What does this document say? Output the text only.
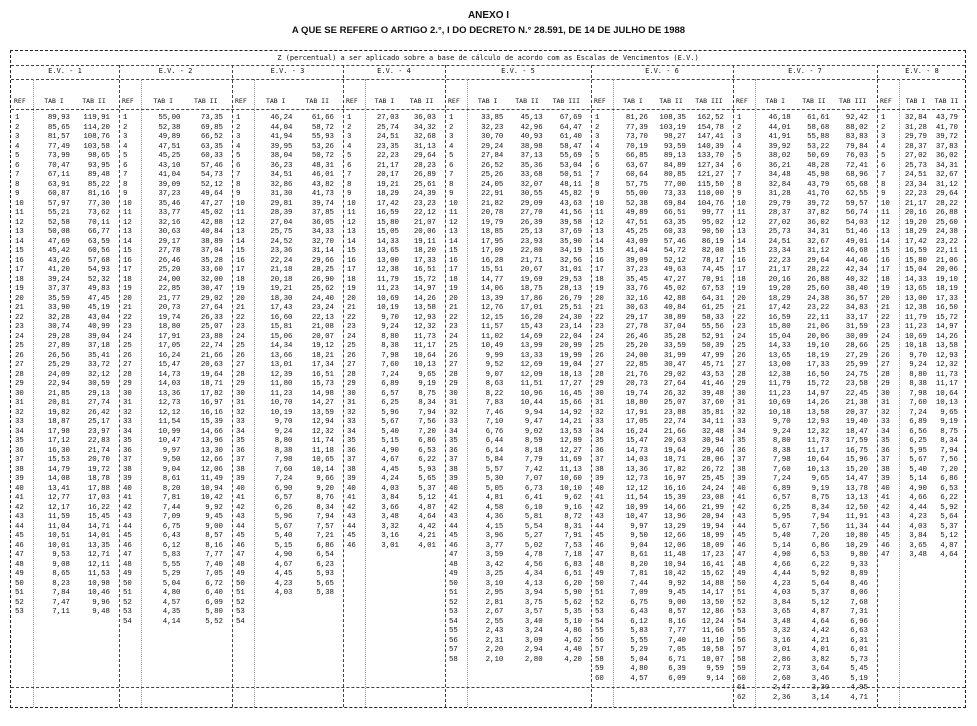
ANEXO I
A QUE SE REFERE O ARTIGO 2.°, I DO DECRETO N.° 28.591, DE 14 DE JULHO DE 1988
Z (percentual) a ser aplicado sobre a base de cálculo de acordo com as Escalas de Vencimentos (E.V.)
E.V. - 1
REF
1
2
3
4
5
6
7
8
9
10
11
12
13
14
15
16
17
18
19
20
21
22
23
24
25
26
27
28
29
30
31
32
33
34
35
36
37
38
39
40
41
42
43
44
45
46
47
48
49
50
51
52
53
TAB I
89,93
85,65
81,57
77,49
73,99
70,47
67,11
63,91
60,87
57,97
55,21
52,58
50,08
47,69
45,42
43,26
41,20
39,24
37,37
35,59
33,90
32,28
30,74
29,28
27,89
26,56
25,29
24,09
22,94
21,85
20,81
19,82
18,87
17,98
17,12
16,30
15,53
14,79
14,08
13,41
12,77
12,17
11,59
11,04
10,51
10,01
9,53
9,08
8,65
8,23
7,84
7,47
7,11
TAB II
119,91
114,20
108,76
103,58
98,65
93,95
89,48
85,22
81,16
77,30
73,62
70,11
66,77
63,59
60,56
57,68
54,93
52,32
49,83
47,45
45,19
43,04
40,99
39,04
37,18
35,41
33,72
32,12
30,59
29,13
27,74
26,42
25,17
23,97
22,83
21,74
20,70
19,72
18,78
17,88
17,03
16,22
15,45
14,71
14,01
13,35
12,71
12,11
11,53
10,98
10,46
9,96
9,48
E.V. - 2
REF
1
2
3
4
5
6
7
8
9
10
11
12
13
14
15
16
17
18
19
20
21
22
23
24
25
26
27
28
29
30
31
32
33
34
35
36
37
38
39
40
41
42
43
44
45
46
47
48
49
50
51
52
53
54
TAB I
55,00
52,38
49,89
47,51
45,25
43,10
41,04
39,09
37,23
35,46
33,77
32,16
30,63
29,17
27,78
26,46
25,20
24,00
22,85
21,77
20,73
19,74
18,80
17,91
17,05
16,24
15,47
14,73
14,03
13,36
12,73
12,12
11,54
10,99
10,47
9,97
9,50
9,04
8,61
8,20
7,81
7,44
7,09
6,75
6,43
6,12
5,83
5,55
5,29
5,04
4,80
4,57
4,35
4,14
TAB II
73,35
69,85
66,52
63,35
60,33
57,46
54,73
52,12
49,64
47,27
45,02
42,88
40,84
38,89
37,04
35,28
33,60
32,00
30,47
29,02
27,64
26,33
25,07
23,88
22,74
21,66
20,63
19,64
18,71
17,82
16,97
16,16
15,39
14,66
13,96
13,30
12,66
12,06
11,49
10,94
10,42
9,92
9,45
9,00
8,57
8,16
7,77
7,40
7,05
6,72
6,40
6,09
5,80
5,52
E.V. - 3
REF
1
2
3
4
5
6
7
8
9
10
11
12
13
14
15
16
17
18
19
20
21
22
23
24
25
26
27
28
29
30
31
32
33
34
35
36
37
38
39
40
41
42
43
44
45
46
47
48
49
50
51
52
53
54
TAB I
46,24
44,04
41,94
39,95
38,04
36,23
34,51
32,86
31,30
29,81
28,39
27,04
25,75
24,52
23,36
22,24
21,18
20,18
19,21
18,30
17,43
16,60
15,81
15,06
14,34
13,66
13,01
12,39
11,80
11,23
10,70
10,19
9,70
9,24
8,80
8,38
7,98
7,60
7,24
6,90
6,57
6,26
5,96
5,67
5,40
5,15
4,90
4,67
4,45
4,23
4,03

TAB II
61,66
58,72
55,93
53,26
50,72
48,31
46,01
43,82
41,73
39,74
37,85
36,05
34,33
32,70
31,14
29,66
28,25
26,90
25,62
24,40
23,24
22,13
21,08
20,07
19,12
18,21
17,34
16,51
15,73
14,98
14,27
13,59
12,94
12,32
11,74
11,18
10,65
10,14
9,66
9,20
8,76
8,34
7,94
7,57
7,21
6,86
6,54
6,23
5,93
5,65
5,38

E.V. - 4
REF
1
2
3
4
5
6
7
8
9
10
11
12
13
14
15
16
17
18
19
20
21
22
23
24
25
26
27
28
29
30
31
32
33
34
35
36
37
38
39
40
41
42
43
44
45
46
TAB I
27,03
25,74
24,51
23,35
22,23
21,17
20,17
19,21
18,29
17,42
16,59
15,80
15,05
14,33
13,65
13,00
12,38
11,79
11,23
10,69
10,19
9,70
9,24
8,80
8,38
7,98
7,60
7,24
6,89
6,57
6,25
5,96
5,67
5,40
5,15
4,90
4,67
4,45
4,24
4,03
3,84
3,66
3,48
3,32
3,16
3,01
TAB II
36,03
34,32
32,68
31,13
29,64
28,23
26,89
25,61
24,39
23,23
22,12
21,07
20,06
19,11
18,20
17,33
16,51
15,72
14,97
14,26
13,58
12,93
12,32
11,73
11,17
10,64
10,13
9,65
9,19
8,75
8,34
7,94
7,56
7,20
6,86
6,53
6,22
5,93
5,65
5,37
5,12
4,87
4,64
4,42
4,21
4,01
E.V. - 5
REF
1
2
3
4
5
6
7
8
9
10
11
12
13
14
15
16
17
18
19
20
21
22
23
24
25
26
27
28
29
30
31
32
33
34
35
36
37
38
39
40
41
42
43
44
45
46
47
48
49
50
51
52
53
54
55
56
57
58
TAB I
33,85
32,23
30,70
29,24
27,84
26,52
25,26
24,05
22,91
21,82
20,78
19,79
18,85
17,95
17,09
16,28
15,51
14,77
14,06
13,39
12,76
12,15
11,57
11,02
10,49
9,99
9,52
9,07
8,63
8,22
7,83
7,46
7,10
6,76
6,44
6,14
5,84
5,57
5,30
5,05
4,81
4,58
4,36
4,15
3,96
3,77
3,59
3,42
3,25
3,10
2,95
2,81
2,67
2,55
2,43
2,31
2,20
2,10
TAB II
45,13
42,96
40,93
38,98
37,13
35,36
33,68
32,07
30,55
29,09
27,70
26,39
25,13
23,93
22,80
21,71
20,67
19,69
18,75
17,86
17,01
16,20
15,43
14,69
13,99
13,33
12,69
12,09
11,51
10,96
10,44
9,94
9,47
9,02
8,59
8,18
7,79
7,42
7,07
6,73
6,41
6,10
5,81
5,54
5,27
5,02
4,78
4,56
4,34
4,13
3,94
3,75
3,57
3,40
3,24
3,09
2,94
2,80
TAB III
67,69
64,47
61,40
58,47
55,69
53,04
50,51
48,11
45,82
43,63
41,56
39,58
37,69
35,90
34,19
32,56
31,01
29,53
28,13
26,79
25,51
24,30
23,14
22,04
20,99
19,99
19,04
18,13
17,27
16,45
15,66
14,92
14,21
13,53
12,89
12,27
11,69
11,13
10,60
10,10
9,62
9,16
8,72
8,31
7,91
7,53
7,18
6,83
6,51
6,20
5,90
5,62
5,35
5,10
4,86
4,62
4,40
4,20
E.V. - 6
REF
1
2
3
4
5
6
7
8
9
10
11
12
13
14
15
16
17
18
19
20
21
22
23
24
25
26
27
28
29
30
31
32
33
34
35
36
37
38
39
40
41
42
43
44
45
46
47
48
49
50
51
52
53
54
55
56
57
58
59
60
TAB I
81,26
77,39
73,70
70,19
66,85
63,67
60,64
57,75
55,00
52,38
49,89
47,51
45,25
43,09
41,04
39,09
37,23
35,45
33,76
32,16
30,63
29,17
27,78
26,46
25,20
24,00
22,85
21,76
20,73
19,74
18,80
17,91
17,05
16,24
15,47
14,73
14,03
13,36
12,73
12,12
11,54
10,99
10,47
9,97
9,50
9,04
8,61
8,20
7,81
7,44
7,09
6,75
6,43
6,12
5,83
5,55
5,29
5,04
4,80
4,57
TAB II
108,35
103,19
98,27
93,59
89,13
84,89
80,85
77,00
73,33
69,84
66,51
63,35
60,33
57,46
54,72
52,12
49,63
47,27
45,02
42,88
40,84
38,89
37,04
35,28
33,59
31,99
30,47
29,02
27,64
26,32
25,07
23,88
22,74
21,66
20,63
19,64
18,71
17,82
16,97
16,16
15,39
14,66
13,96
13,29
12,66
12,06
11,48
10,94
10,42
9,92
9,45
9,00
8,57
8,16
7,77
7,40
7,05
6,71
6,39
6,09
TAB III
162,52
154,78
147,41
140,39
133,70
127,34
121,27
115,50
110,00
104,76
99,77
95,02
90,50
86,19
82,08
78,17
74,45
70,91
67,53
64,31
61,25
58,33
55,56
52,91
50,39
47,99
45,71
43,53
41,46
39,48
37,60
35,81
34,11
32,48
30,94
29,46
28,06
26,72
25,45
24,24
23,08
21,99
20,94
19,94
18,99
18,09
17,23
16,41
15,62
14,88
14,17
13,50
12,86
12,24
11,66
11,10
10,58
10,07
9,59
9,14
E.V. - 7
REF
1
2
3
4
5
6
7
8
9
10
11
12
13
14
15
16
17
18
19
20
21
22
23
24
25
26
27
28
29
30
31
32
33
34
35
36
37
38
39
40
41
42
43
44
45
46
47
48
49
50
51
52
53
54
55
56
57
58
59
60
61
62
TAB I
46,18
44,01
41,91
39,92
38,02
36,21
34,48
32,84
31,28
29,79
28,37
27,02
25,73
24,51
23,34
22,23
21,17
20,16
19,20
18,29
17,42
16,59
15,80
15,04
14,33
13,65
13,00
12,38
11,79
11,23
10,69
10,18
9,70
9,24
8,80
8,38
7,98
7,60
7,24
6,89
6,57
6,25
5,95
5,67
5,40
5,14
4,90
4,66
4,44
4,23
4,03
3,84
3,65
3,48
3,32
3,16
3,01
2,86
2,73
2,60
2,47
2,36
TAB II
61,61
58,68
55,88
53,22
50,69
48,28
45,98
43,79
41,70
39,72
37,82
36,02
34,31
32,67
31,12
29,64
28,22
26,88
25,60
24,38
23,22
22,11
21,06
20,06
19,10
18,19
17,33
16,50
15,72
14,97
14,26
13,58
12,93
12,32
11,73
11,17
10,64
10,13
9,65
9,19
8,75
8,34
7,94
7,56
7,20
6,86
6,53
6,22
5,92
5,64
5,37
5,12
4,87
4,64
4,42
4,21
4,01
3,82
3,64
3,46
3,30
3,14
TAB III
92,42
88,02
83,83
79,84
76,03
72,41
68,96
65,68
62,55
59,57
56,74
54,03
51,46
49,01
46,68
44,46
42,34
40,32
38,40
36,57
34,83
33,17
31,59
30,09
28,66
27,29
25,99
24,75
23,58
22,45
21,38
20,37
19,40
18,47
17,59
16,75
15,96
15,20
14,47
13,78
13,13
12,50
11,91
11,34
10,80
10,29
9,80
9,33
8,89
8,46
8,06
7,68
7,31
6,96
6,63
6,31
6,01
5,73
5,45
5,19
4,95
4,71
E.V. - 8
REF
1
2
3
4
5
6
7
8
9
10
11
12
13
14
15
16
17
18
19
20
21
22
23
24
25
26
27
28
29
30
31
32
33
34
35
36
37
38
39
40
41
42
43
44
45
46
47
TAB I
32,84
31,28
29,79
28,37
27,02
25,73
24,51
23,34
22,23
21,17
20,16
19,20
18,29
17,42
16,59
15,80
15,04
14,33
13,65
13,00
12,38
11,79
11,23
10,69
10,18
9,70
9,24
8,80
8,38
7,98
7,60
7,24
6,89
6,56
6,25
5,95
5,67
5,40
5,14
4,90
4,66
4,44
4,23
4,03
3,84
3,65
3,48
TAB II
43,79
41,70
39,72
37,83
36,02
34,31
32,67
31,12
29,64
28,22
26,88
25,60
24,38
23,22
22,11
21,06
20,06
19,10
18,19
17,33
16,50
15,72
14,97
14,26
13,58
12,93
12,32
11,73
11,17
10,64
10,13
9,65
9,19
8,75
8,34
7,94
7,56
7,20
6,86
6,53
6,22
5,92
5,64
5,37
5,12
4,87
4,64
